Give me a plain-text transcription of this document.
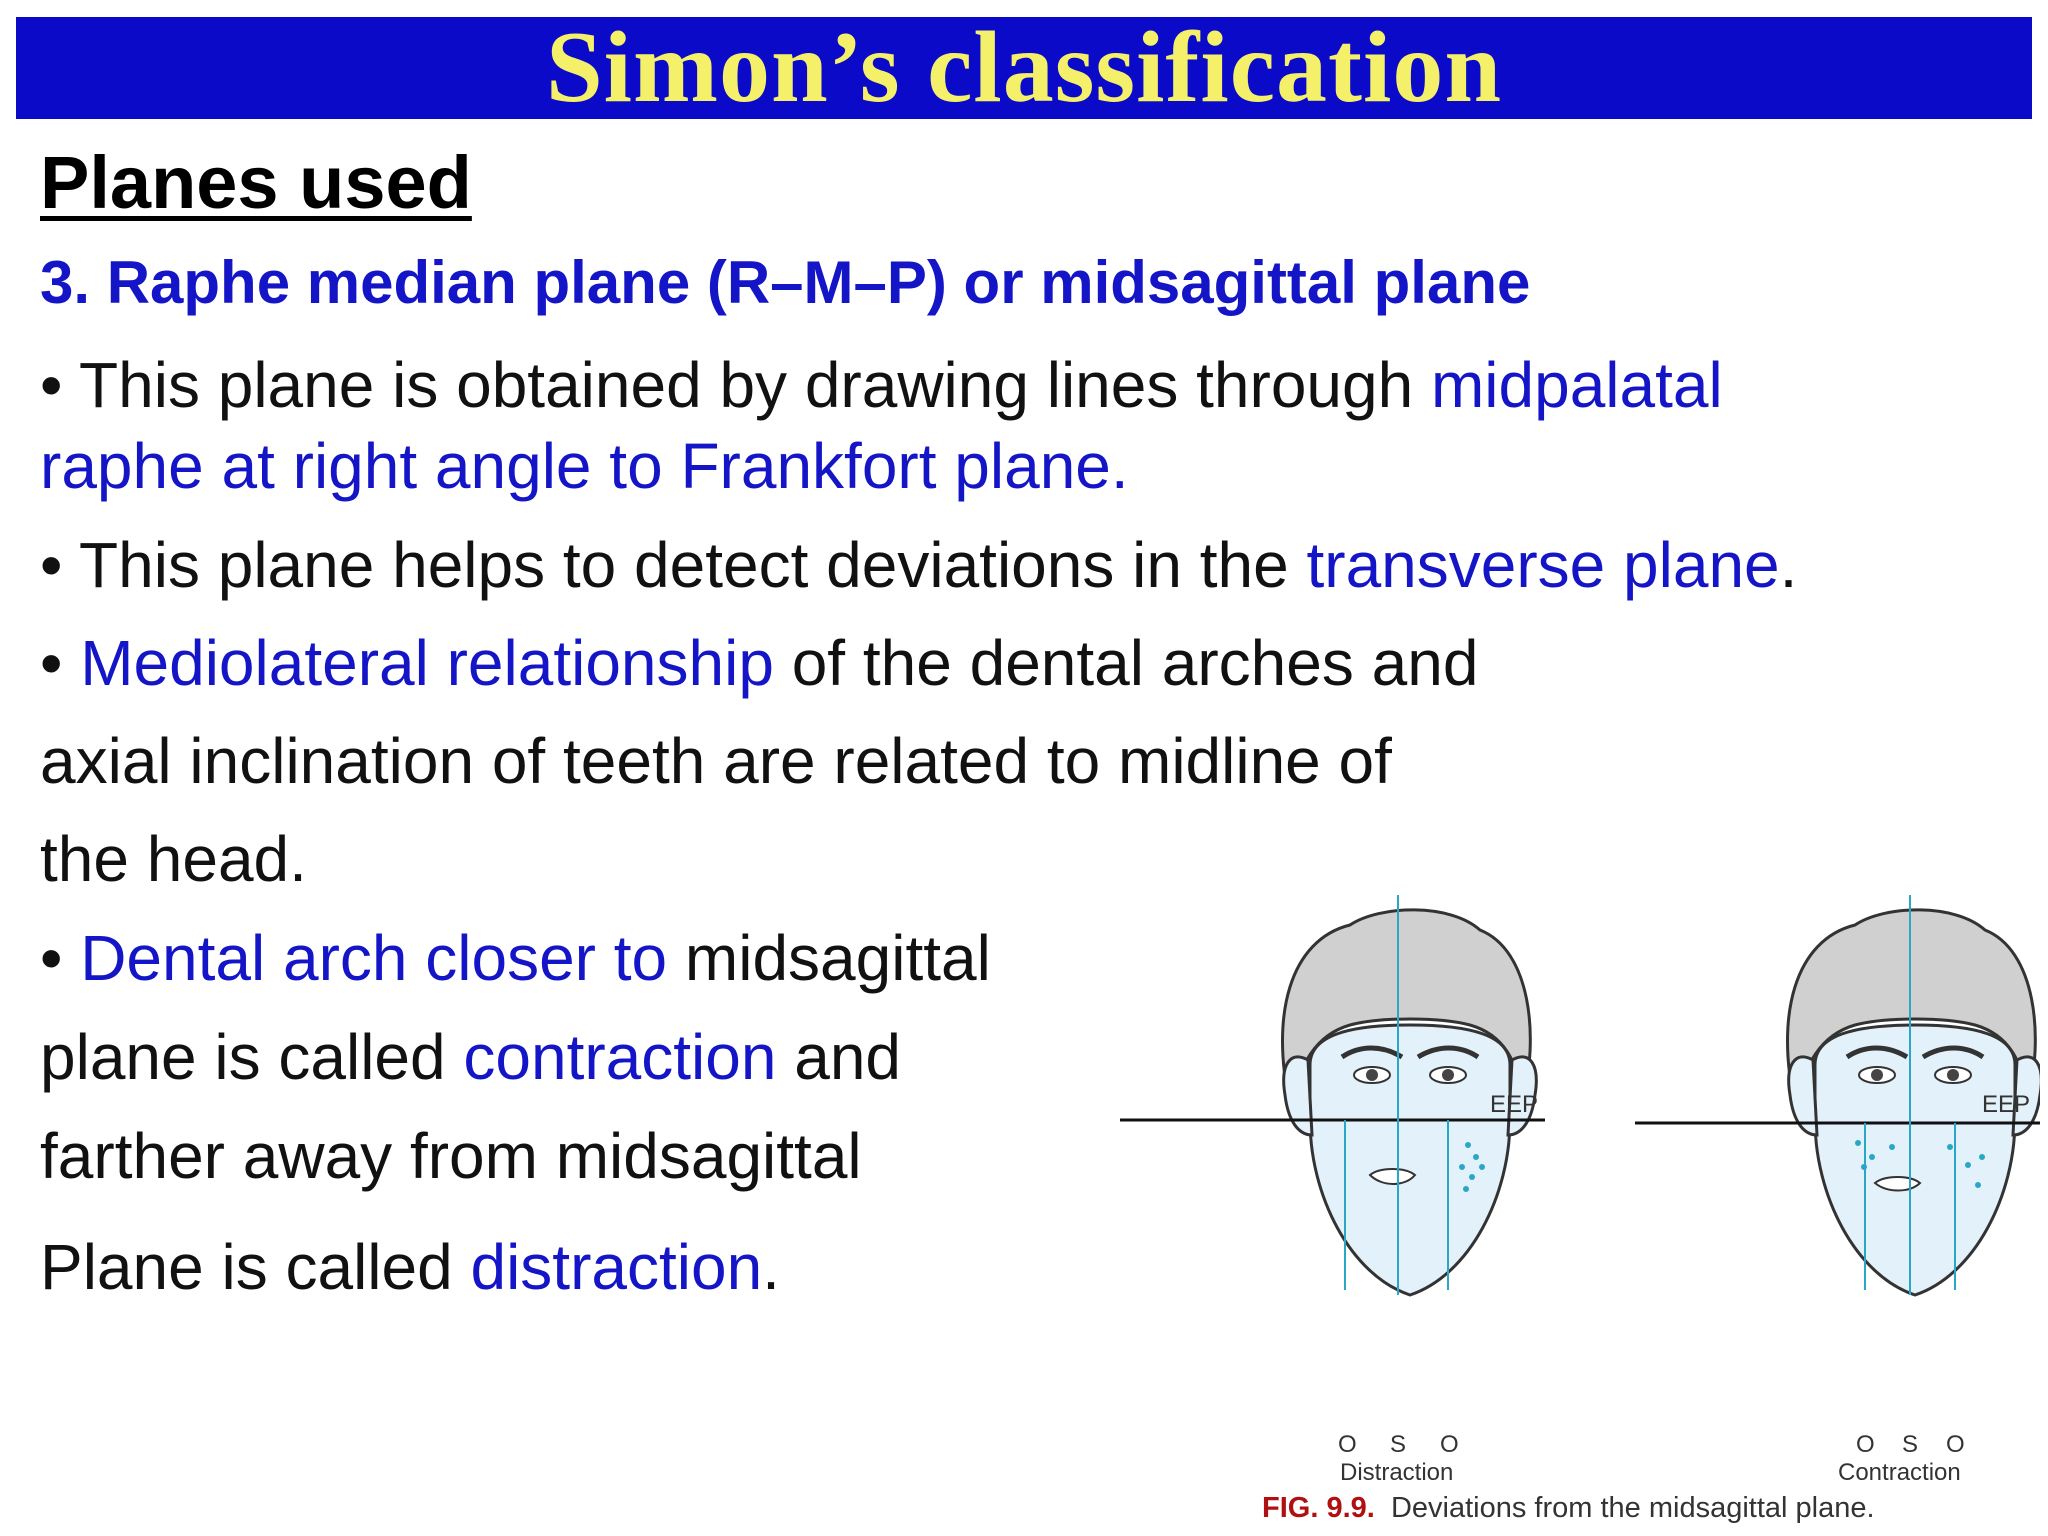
Simon’s classification
Planes used
3. Raphe median plane (R–M–P) or midsagittal plane
• This plane is obtained by drawing lines through midpalatal
raphe at right angle to Frankfort plane.
• This plane helps to detect deviations in the transverse plane.
• Mediolateral relationship of the dental arches and
axial inclination of teeth are related to midline of
the head.
• Dental arch closer to midsagittal
plane is called contraction and
farther away from midsagittal
Plane is called distraction.
EEP
O S O
Distraction
EEP
O S O
Contraction
FIG. 9.9. Deviations from the midsagittal plane.
